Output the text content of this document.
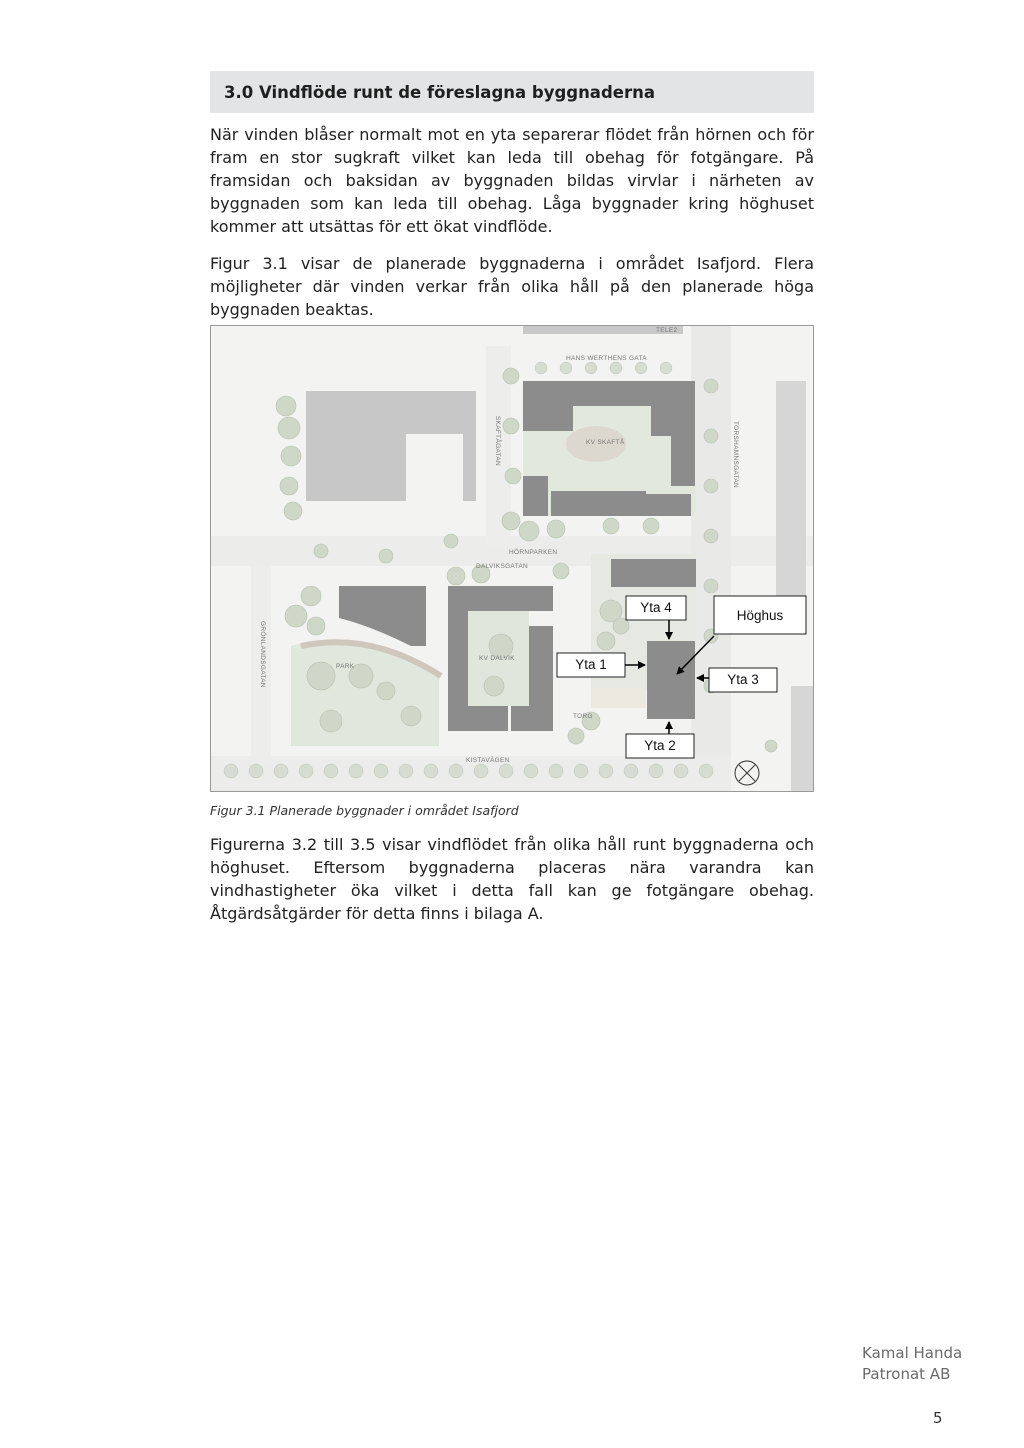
3.0 Vindflöde runt de föreslagna byggnaderna

När vinden blåser normalt mot en yta separerar flödet från hörnen och för fram en stor sugkraft vilket kan leda till obehag för fotgängare. På framsidan och baksidan av byggnaden bildas virvlar i närheten av byggnaden som kan leda till obehag. Låga byggnader kring höghuset kommer att utsättas för ett ökat vindflöde.

Figur 3.1 visar de planerade byggnaderna i området Isafjord. Flera möjligheter där vinden verkar från olika håll på den planerade höga byggnaden beaktas.

HANS WERTHENS GATA
TELE2
SKAFTÅGATAN	TORSHAMNSGATAN
HÖRNPARKEN
DALVIKSGATAN
GRÖNLANDSGATAN
KISTAVÄGEN
TORG
PARK
KV SKAFTÅ
KV DALVIK
Yta 4
Yta 1
Yta 3
Yta 2
Höghus

Figur 3.1 Planerade byggnader i området Isafjord

Figurerna 3.2 till 3.5 visar vindflödet från olika håll runt byggnaderna och höghuset. Eftersom byggnaderna placeras nära varandra kan vindhastigheter öka vilket i detta fall kan ge fotgängare obehag. Åtgärdsåtgärder för detta finns i bilaga A.

Kamal Handa
Patronat AB
5
